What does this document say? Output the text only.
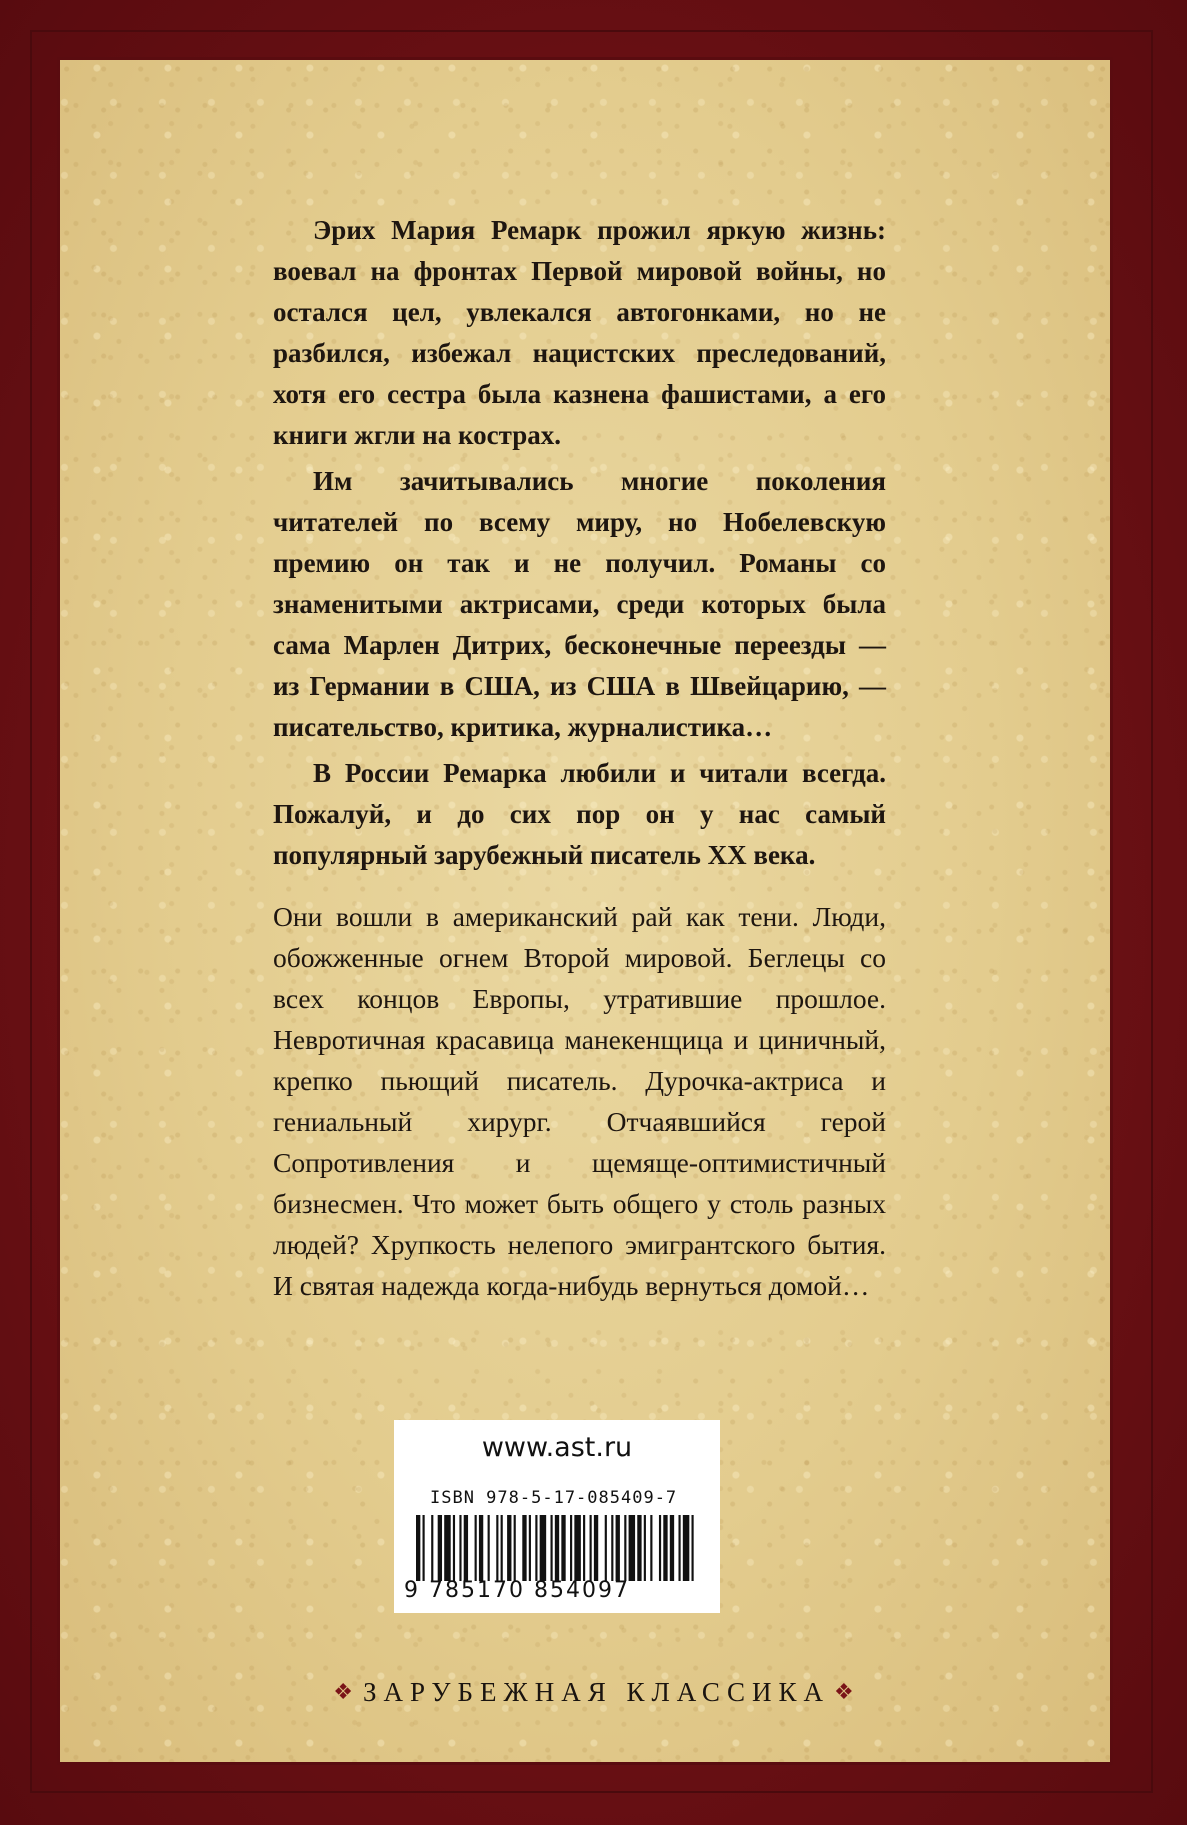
Эрих Мария Ремарк прожил яркую жизнь: воевал на фронтах Первой мировой войны, но остался цел, увлекался автогонками, но не разбился, избежал нацистских преследований, хотя его сестра была казнена фашистами, а его книги жгли на кострах.

Им зачитывались многие поколения читателей по всему миру, но Нобелевскую премию он так и не получил. Романы со знаменитыми актрисами, среди которых была сама Марлен Дитрих, бесконечные переезды — из Германии в США, из США в Швейцарию, — писательство, критика, журналистика…

В России Ремарка любили и читали всегда. Пожалуй, и до сих пор он у нас самый популярный зарубежный писатель XX века.

Они вошли в американский рай как тени. Люди, обожженные огнем Второй мировой. Беглецы со всех концов Европы, утратившие прошлое. Невротичная красавица манекенщица и циничный, крепко пьющий писатель. Дурочка-актриса и гениальный хирург. Отчаявшийся герой Сопротивления и щемяще-оптимистичный бизнесмен. Что может быть общего у столь разных людей? Хрупкость нелепого эмигрантского бытия. И святая надежда когда-нибудь вернуться домой…

www.ast.ru
ISBN 978-5-17-085409-7
9 785170 854097
❖ ЗАРУБЕЖНАЯ КЛАССИКА ❖
